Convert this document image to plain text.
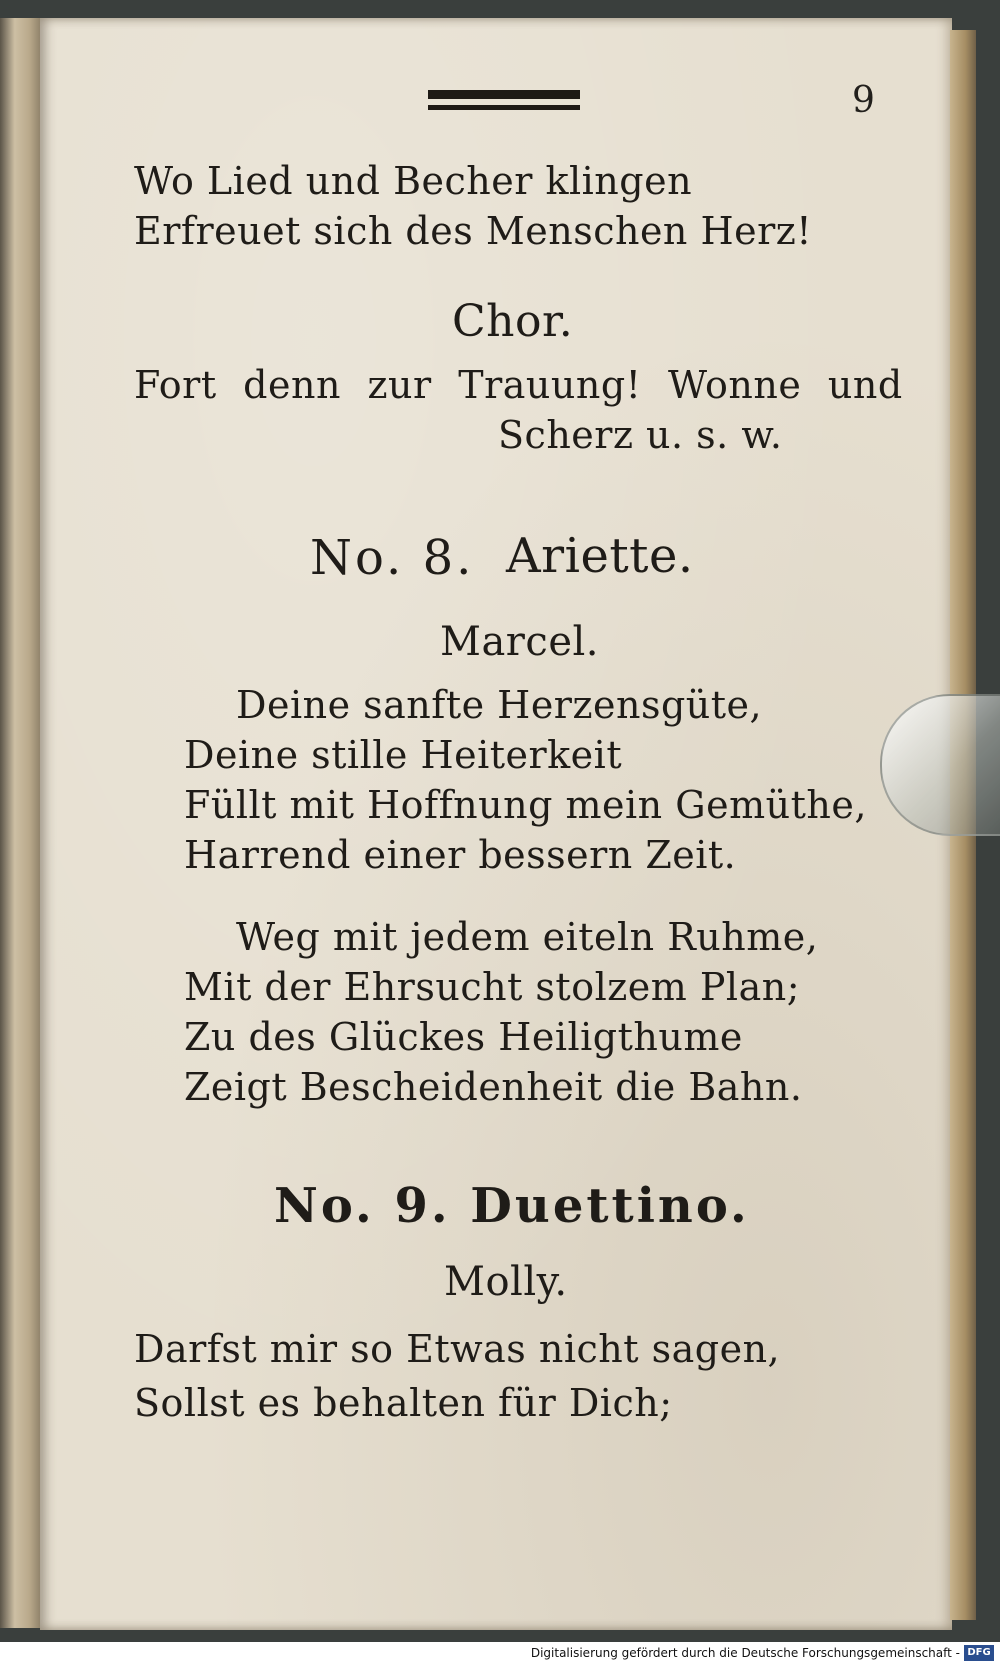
9
Wo Lied und Becher klingen
Erfreuet sich des Menschen Herz!
Chor.
Fort denn zur Trauung! Wonne und
Scherz u. s. w.
No. 8. Ariette.
Marcel.
Deine sanfte Herzensgüte,
Deine stille Heiterkeit
Füllt mit Hoffnung mein Gemüthe,
Harrend einer bessern Zeit.
Weg mit jedem eiteln Ruhme,
Mit der Ehrsucht stolzem Plan;
Zu des Glückes Heiligthume
Zeigt Bescheidenheit die Bahn.
No. 9. Duettino.
Molly.
Darfst mir so Etwas nicht sagen,
Sollst es behalten für Dich;
Digitalisierung gefördert durch die Deutsche Forschungsgemeinschaft - DFG
